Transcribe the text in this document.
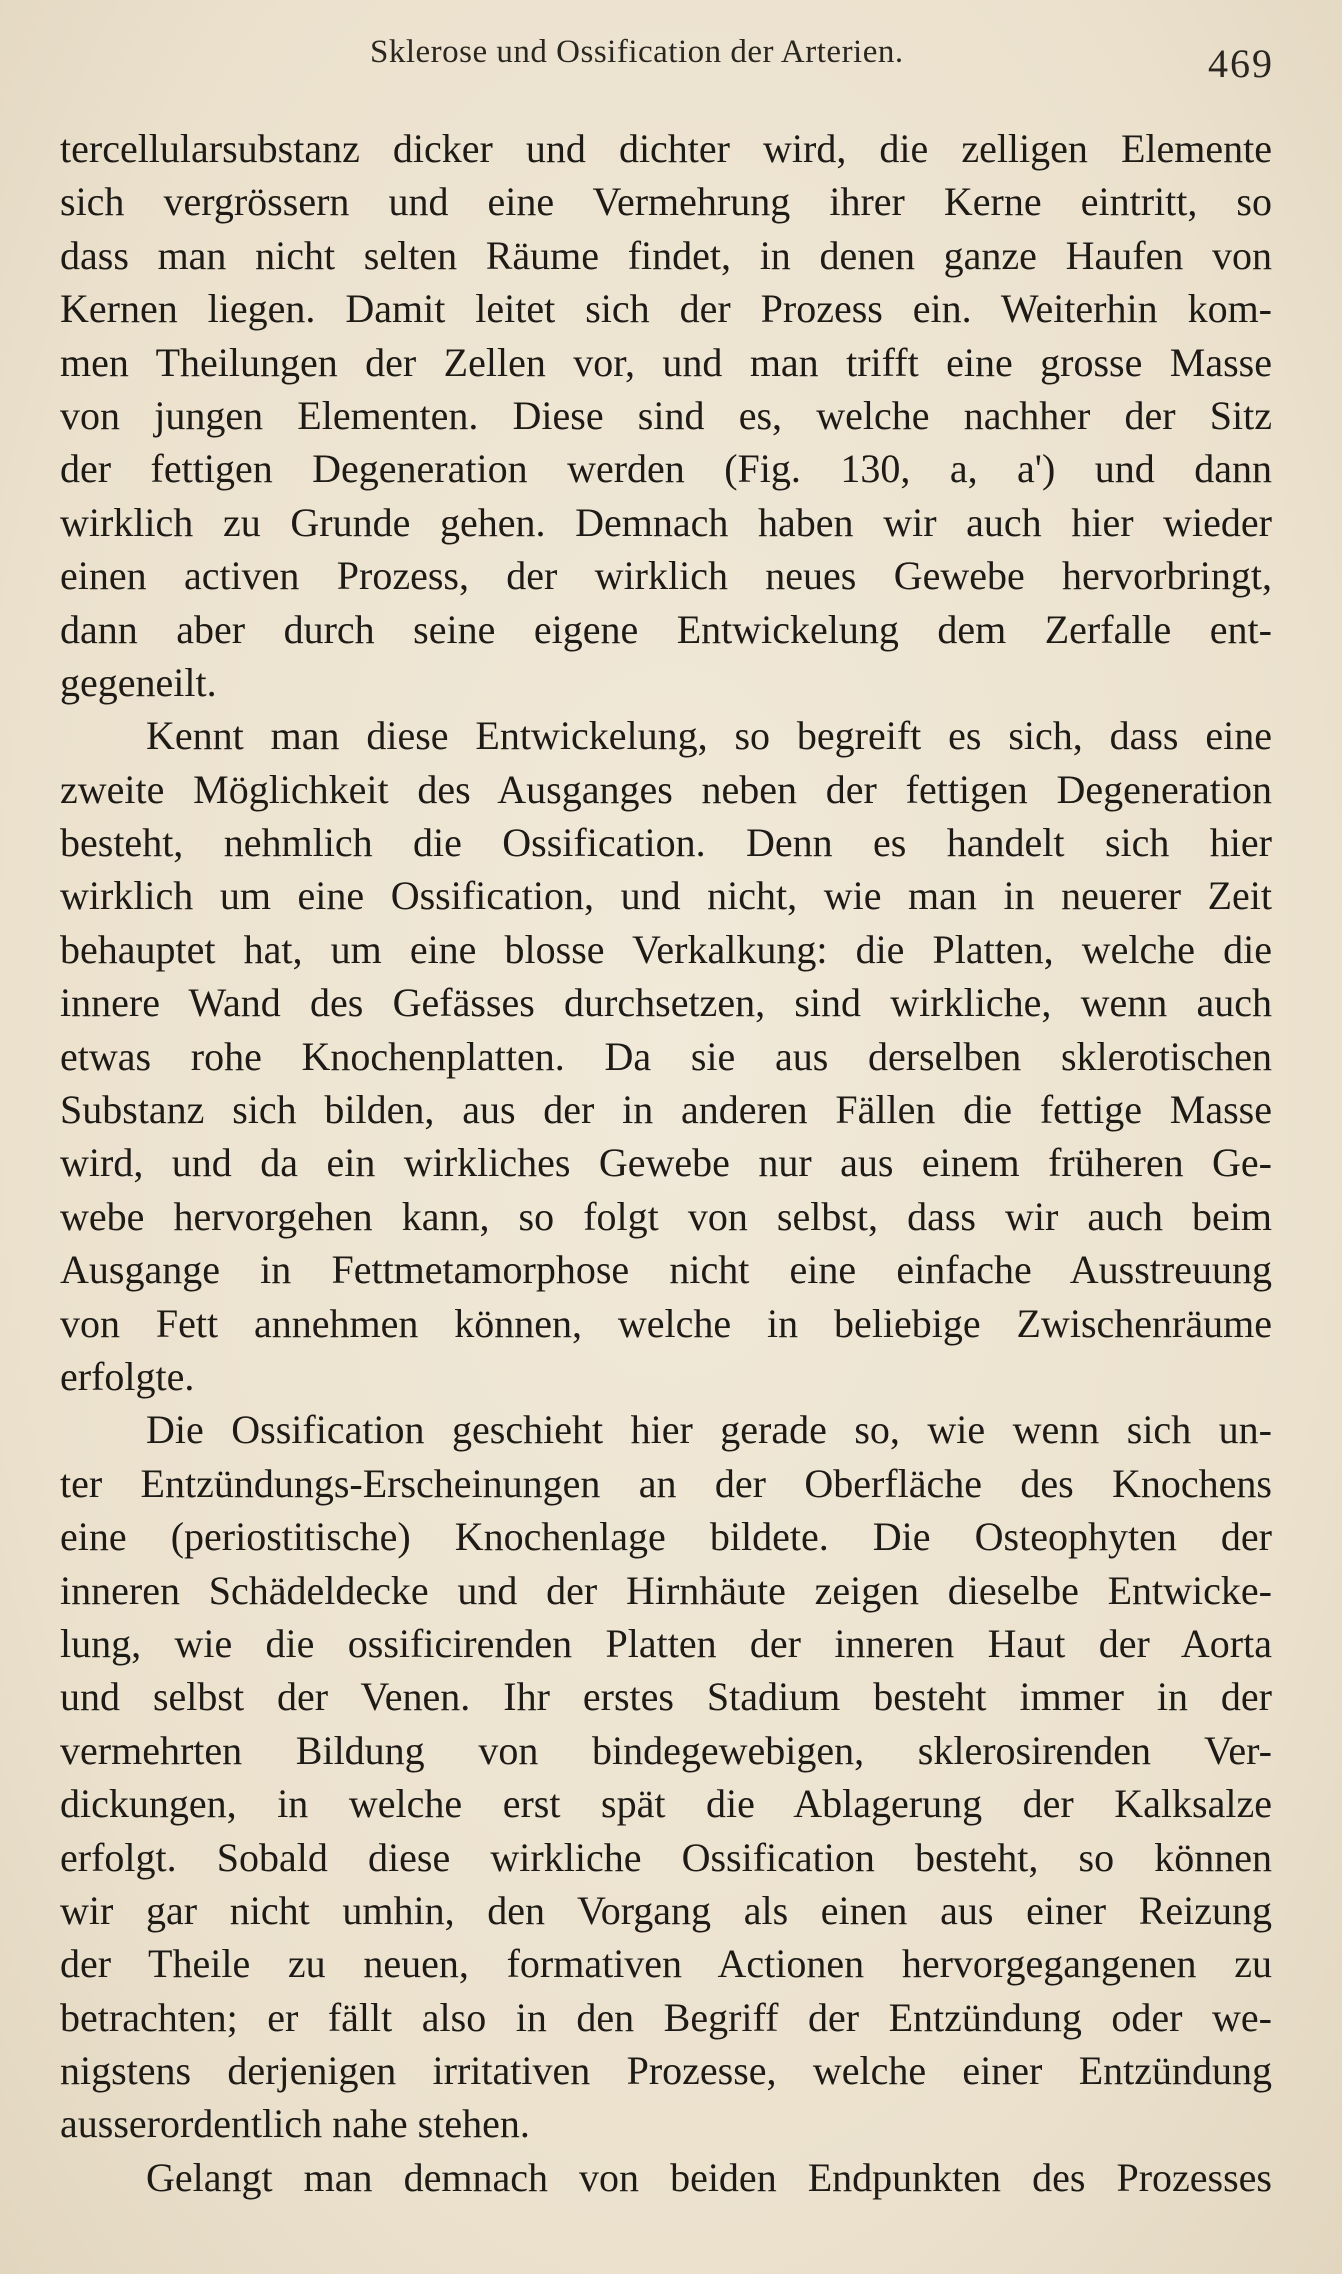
Sklerose und Ossification der Arterien.	469
tercellularsubstanz dicker und dichter wird, die zelligen Elemente
sich vergrössern und eine Vermehrung ihrer Kerne eintritt, so
dass man nicht selten Räume findet, in denen ganze Haufen von
Kernen liegen. Damit leitet sich der Prozess ein. Weiterhin kom-
men Theilungen der Zellen vor, und man trifft eine grosse Masse
von jungen Elementen. Diese sind es, welche nachher der Sitz
der fettigen Degeneration werden (Fig. 130, a, a') und dann
wirklich zu Grunde gehen. Demnach haben wir auch hier wieder
einen activen Prozess, der wirklich neues Gewebe hervorbringt,
dann aber durch seine eigene Entwickelung dem Zerfalle ent-
gegeneilt.
Kennt man diese Entwickelung, so begreift es sich, dass eine
zweite Möglichkeit des Ausganges neben der fettigen Degeneration
besteht, nehmlich die Ossification. Denn es handelt sich hier
wirklich um eine Ossification, und nicht, wie man in neuerer Zeit
behauptet hat, um eine blosse Verkalkung: die Platten, welche die
innere Wand des Gefässes durchsetzen, sind wirkliche, wenn auch
etwas rohe Knochenplatten. Da sie aus derselben sklerotischen
Substanz sich bilden, aus der in anderen Fällen die fettige Masse
wird, und da ein wirkliches Gewebe nur aus einem früheren Ge-
webe hervorgehen kann, so folgt von selbst, dass wir auch beim
Ausgange in Fettmetamorphose nicht eine einfache Ausstreuung
von Fett annehmen können, welche in beliebige Zwischenräume
erfolgte.
Die Ossification geschieht hier gerade so, wie wenn sich un-
ter Entzündungs-Erscheinungen an der Oberfläche des Knochens
eine (periostitische) Knochenlage bildete. Die Osteophyten der
inneren Schädeldecke und der Hirnhäute zeigen dieselbe Entwicke-
lung, wie die ossificirenden Platten der inneren Haut der Aorta
und selbst der Venen. Ihr erstes Stadium besteht immer in der
vermehrten Bildung von bindegewebigen, sklerosirenden Ver-
dickungen, in welche erst spät die Ablagerung der Kalksalze
erfolgt. Sobald diese wirkliche Ossification besteht, so können
wir gar nicht umhin, den Vorgang als einen aus einer Reizung
der Theile zu neuen, formativen Actionen hervorgegangenen zu
betrachten; er fällt also in den Begriff der Entzündung oder we-
nigstens derjenigen irritativen Prozesse, welche einer Entzündung
ausserordentlich nahe stehen.
Gelangt man demnach von beiden Endpunkten des Prozesses
